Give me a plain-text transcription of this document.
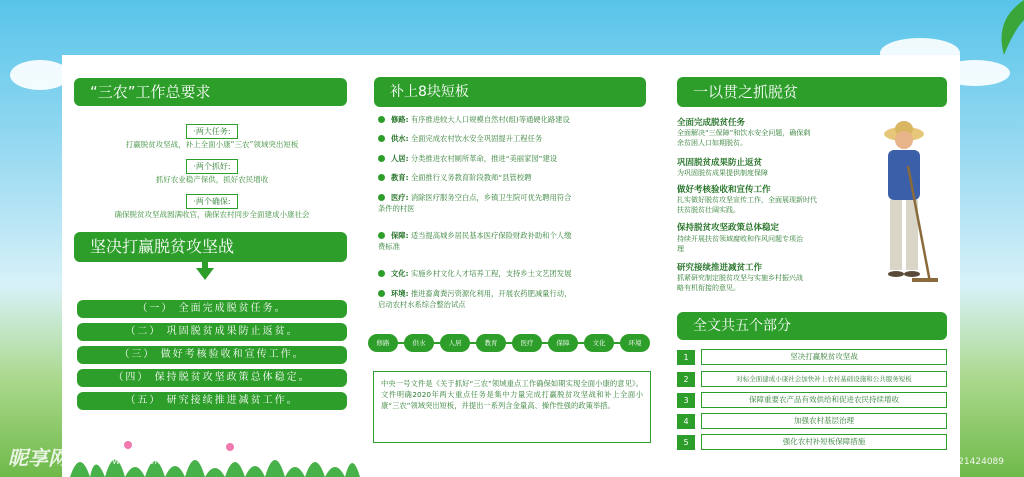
“三农”工作总要求
·两大任务:
打赢脱贫攻坚战，补上全面小康“三农”领域突出短板
·两个抓好:
抓好农业稳产保供，抓好农民增收
·两个确保:
确保脱贫攻坚战圆满收官，确保农村同步全面建成小康社会
坚决打赢脱贫攻坚战
（一） 全面完成脱贫任务。
（二） 巩固脱贫成果防止返贫。
（三） 做好考核验收和宣传工作。
（四） 保持脱贫攻坚政策总体稳定。
（五） 研究接续推进减贫工作。
补上8块短板
修路: 有序推进较大人口规模自然村(组)等通硬化路建设
供水: 全面完成农村饮水安全巩固提升工程任务
人居: 分类推进农村厕所革命，推进“美丽家园”建设
教育: 全面推行义务教育阶段教师“县管校聘
医疗: 消除医疗服务空白点，乡镇卫生院可优先聘用符合
条件的村医
保障: 适当提高城乡居民基本医疗保险财政补助和个人缴
费标准
文化: 实施乡村文化人才培养工程，支持乡土文艺团发展
环境: 推进畜禽粪污资源化利用，开展农药肥减量行动，
启动农村水系综合整治试点
修路	供水	人居	教育	医疗	保障	文化	环境
中央一号文件是《关于抓好“三农”领域重点工作确保如期实现全面小康的意见》。文件明确2020年两大重点任务是集中力量完成打赢脱贫攻坚战和补上全面小康“三农”领域突出短板，并提出一系列含金量高、操作性强的政策举措。
一以贯之抓脱贫
全面完成脱贫任务
全面解决“三保障”和饮水安全问题，确保剩
余贫困人口如期脱贫。
巩固脱贫成果防止返贫
为巩固脱贫成果提供制度保障
做好考核验收和宣传工作
扎实做好脱贫攻坚宣传工作，全面展现新时代
扶贫脱贫壮阔实践。
保持脱贫攻坚政策总体稳定
持续开展扶贫领域腐败和作风问题专项治
理
研究接续推进减贫工作
抓紧研究制定脱贫攻坚与实施乡村振兴战
略有机衔接的意见。
全文共五个部分
1	坚决打赢脱贫攻坚战
2	对标全面建成小康社会加快补上农村基础设施和公共服务短板
3	保障重要农产品有效供给和促进农民持续增收
4	加强农村基层治理
5	强化农村补短板保障措施
昵享网	www.nipic.cn	ID:6882334 NO:20200306201521424089
